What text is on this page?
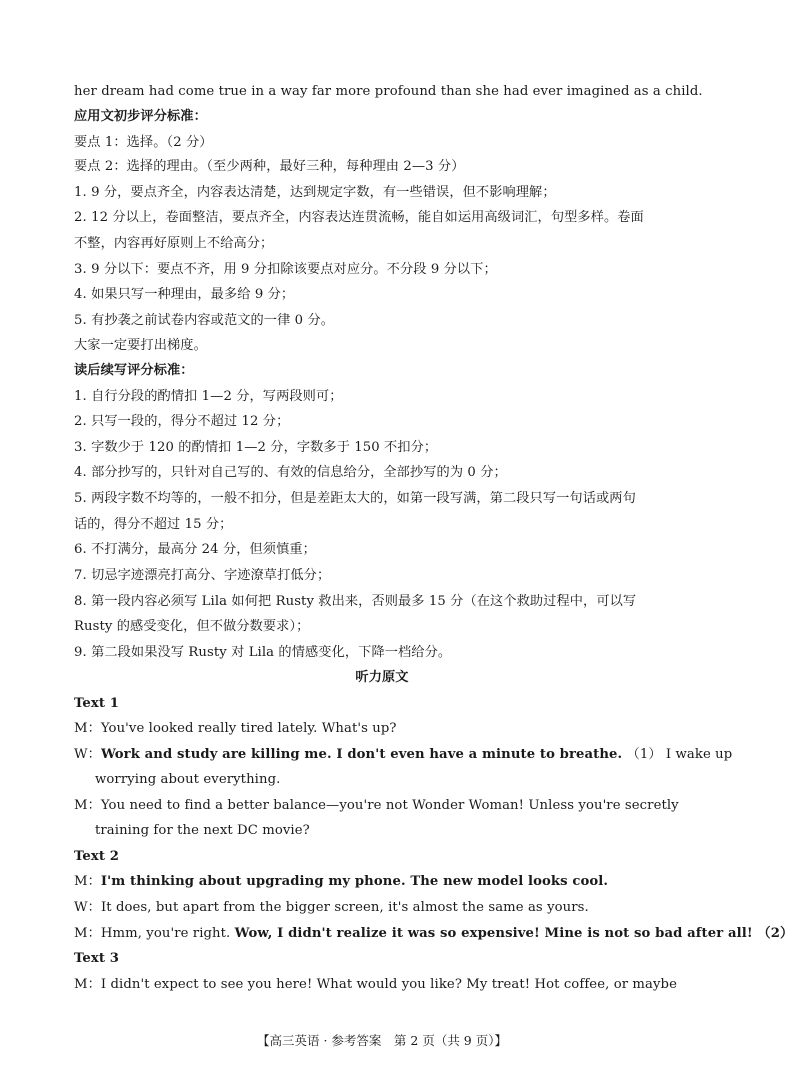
her dream had come true in a way far more profound than she had ever imagined as a child.
应用文初步评分标准：
要点 1：选择。（2 分）
要点 2：选择的理由。（至少两种，最好三种，每种理由 2—3 分）
1. 9 分，要点齐全，内容表达清楚，达到规定字数，有一些错误，但不影响理解；
2. 12 分以上，卷面整洁，要点齐全，内容表达连贯流畅，能自如运用高级词汇，句型多样。卷面
不整，内容再好原则上不给高分；
3. 9 分以下：要点不齐，用 9 分扣除该要点对应分。不分段 9 分以下；
4. 如果只写一种理由，最多给 9 分；
5. 有抄袭之前试卷内容或范文的一律 0 分。
大家一定要打出梯度。
读后续写评分标准：
1. 自行分段的酌情扣 1—2 分，写两段则可；
2. 只写一段的，得分不超过 12 分；
3. 字数少于 120 的酌情扣 1—2 分，字数多于 150 不扣分；
4. 部分抄写的，只针对自己写的、有效的信息给分，全部抄写的为 0 分；
5. 两段字数不均等的，一般不扣分，但是差距太大的，如第一段写满，第二段只写一句话或两句
话的，得分不超过 15 分；
6. 不打满分，最高分 24 分，但须慎重；
7. 切忌字迹漂亮打高分、字迹潦草打低分；
8. 第一段内容必须写 Lila 如何把 Rusty 救出来，否则最多 15 分（在这个救助过程中，可以写
Rusty 的感受变化，但不做分数要求）；
9. 第二段如果没写 Rusty 对 Lila 的情感变化，下降一档给分。
听力原文
Text 1
M：You've looked really tired lately. What's up?
W：Work and study are killing me. I don't even have a minute to breathe. （1） I wake up
worrying about everything.
M：You need to find a better balance—you're not Wonder Woman! Unless you're secretly
training for the next DC movie?
Text 2
M：I'm thinking about upgrading my phone. The new model looks cool.
W：It does, but apart from the bigger screen, it's almost the same as yours.
M：Hmm, you're right. Wow, I didn't realize it was so expensive! Mine is not so bad after all! （2）
Text 3
M：I didn't expect to see you here! What would you like? My treat! Hot coffee, or maybe
【高三英语 · 参考答案　第 2 页（共 9 页）】
